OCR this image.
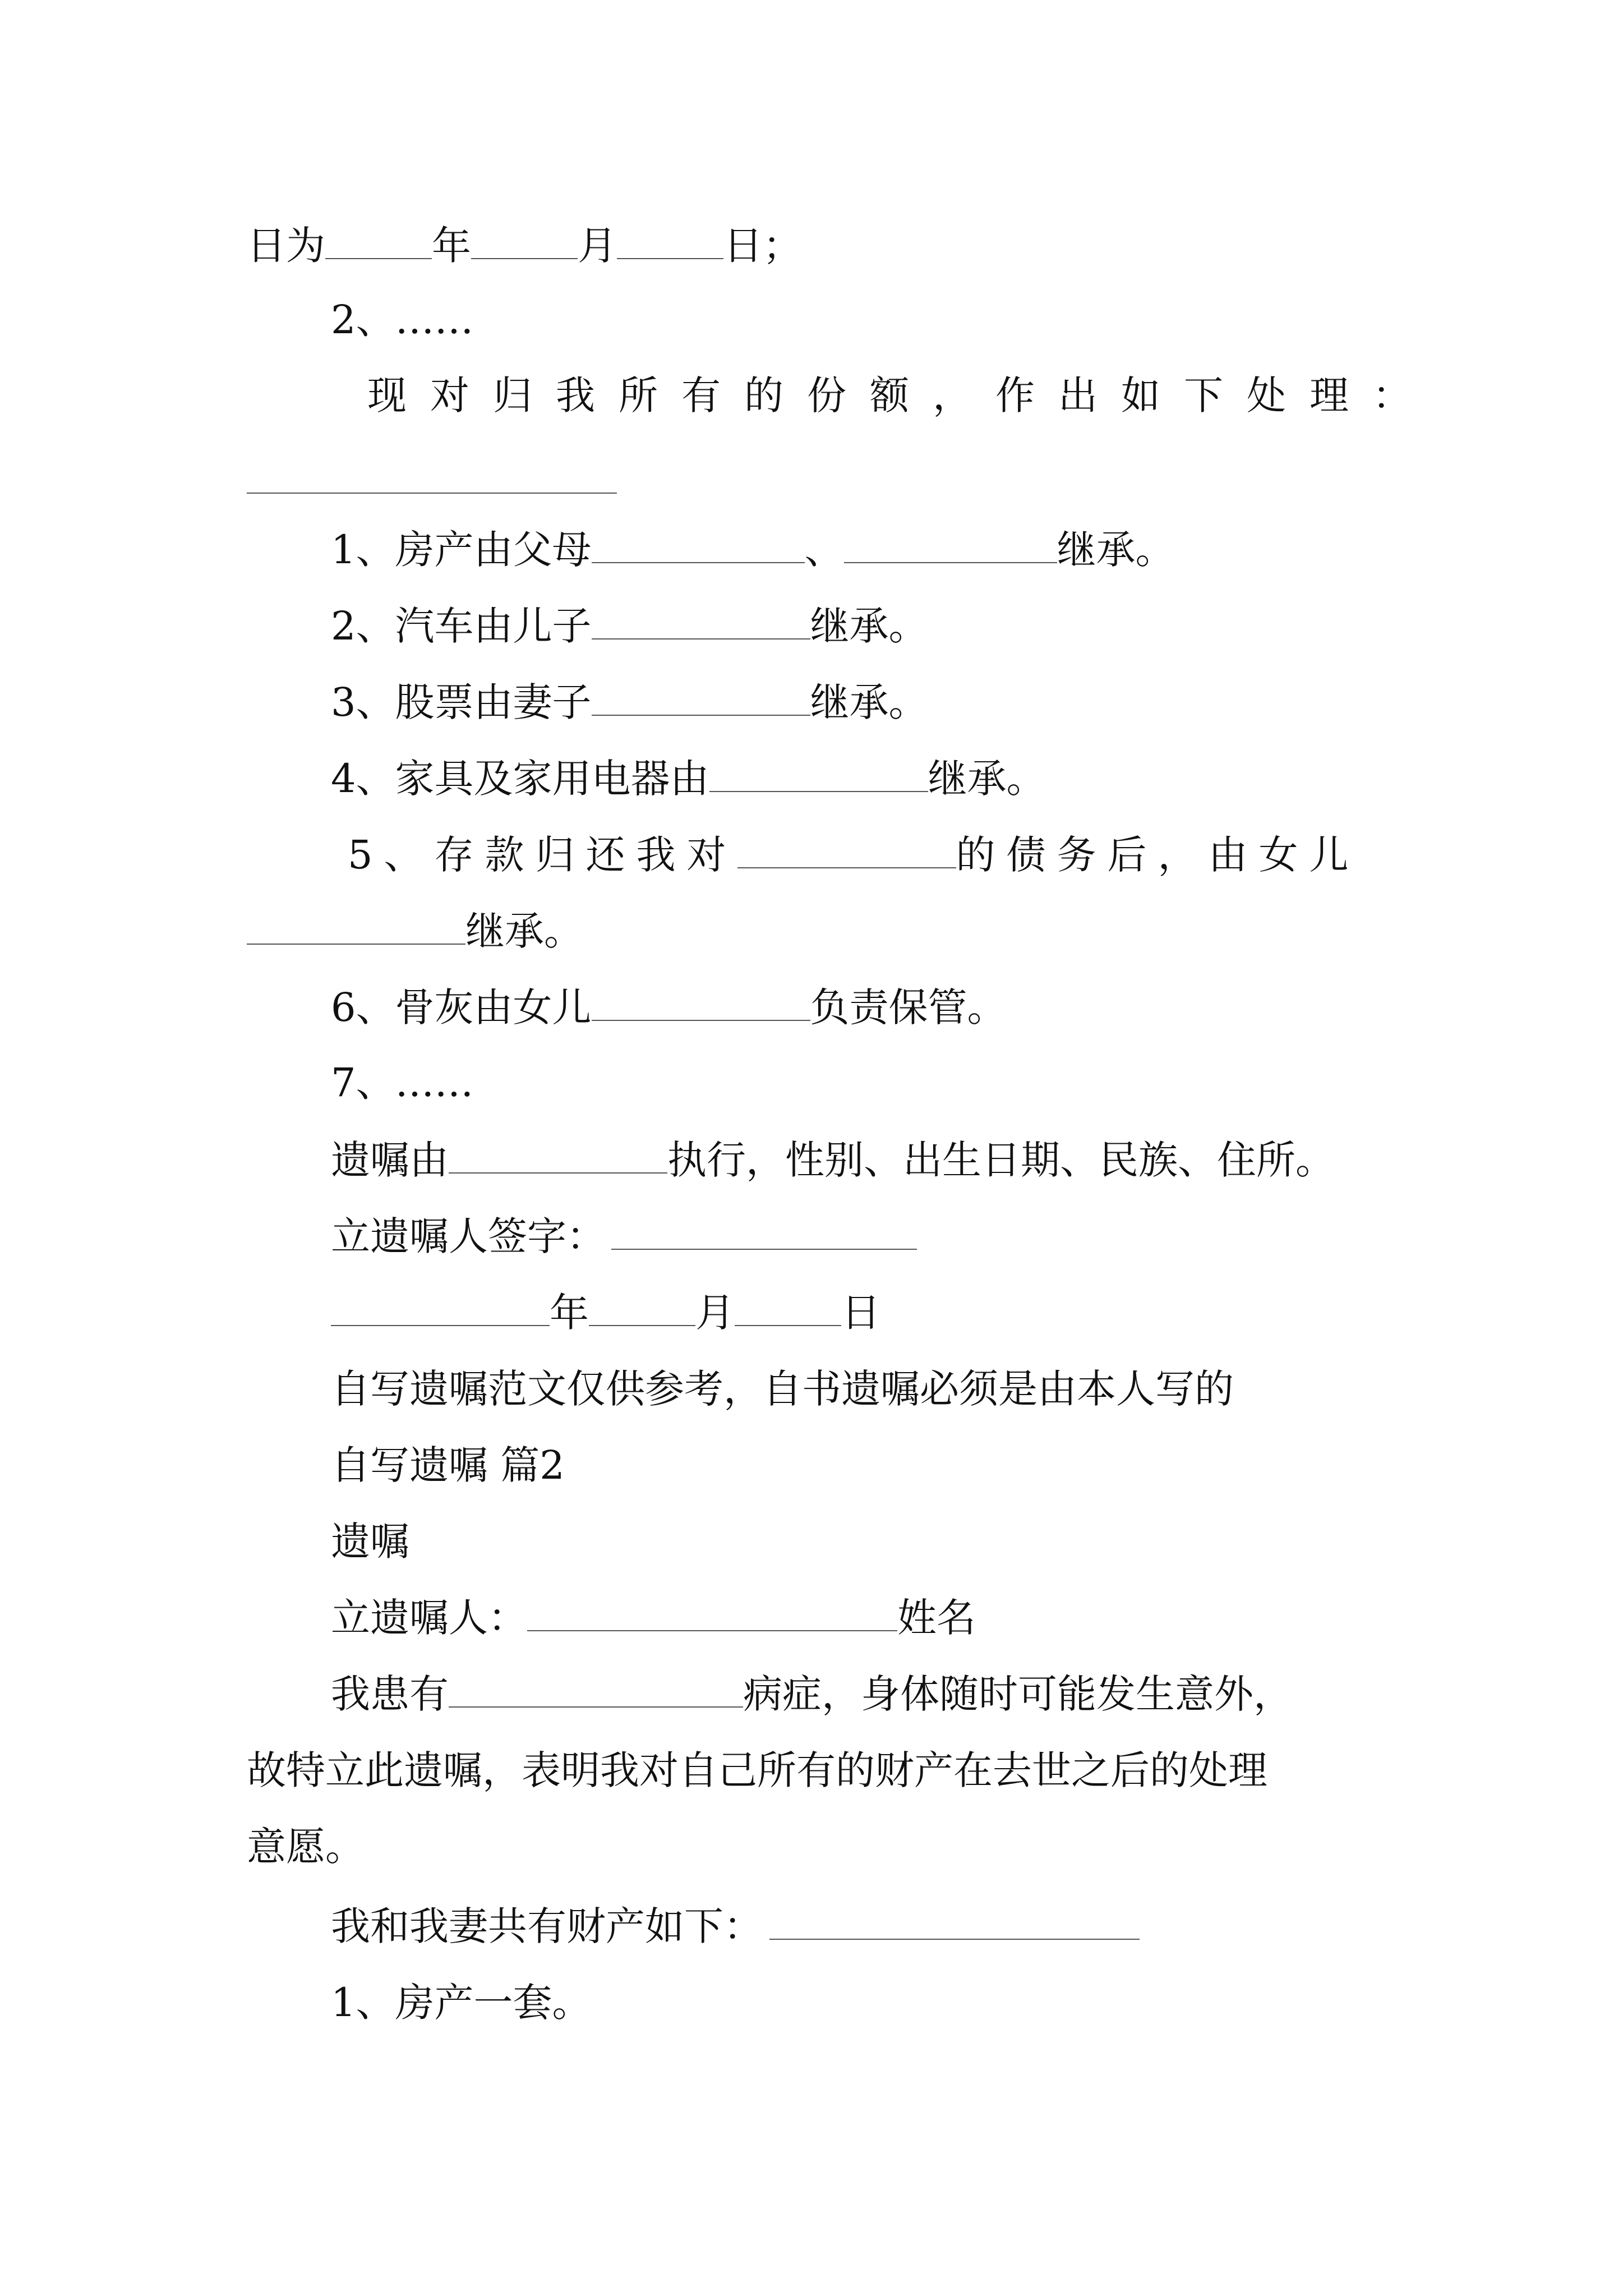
日为	年	月	日；
2、……
现对归我所有的份额，作出如下处理：
1、房产由父母	、	继承。
2、汽车由儿子	继承。
3、股票由妻子	继承。
4、家具及家用电器由	继承。
5、存款归还我对	的债务后，由女儿
继承。
6、骨灰由女儿	负责保管。
7、……
遗嘱由	执行，性别、出生日期、民族、住所。
立遗嘱人签字：
年	月	日
自写遗嘱范文仅供参考，自书遗嘱必须是由本人写的
自写遗嘱 篇2
遗嘱
立遗嘱人：	姓名
我患有	病症，身体随时可能发生意外，
故特立此遗嘱，表明我对自己所有的财产在去世之后的处理
意愿。
我和我妻共有财产如下：
1、房产一套。
